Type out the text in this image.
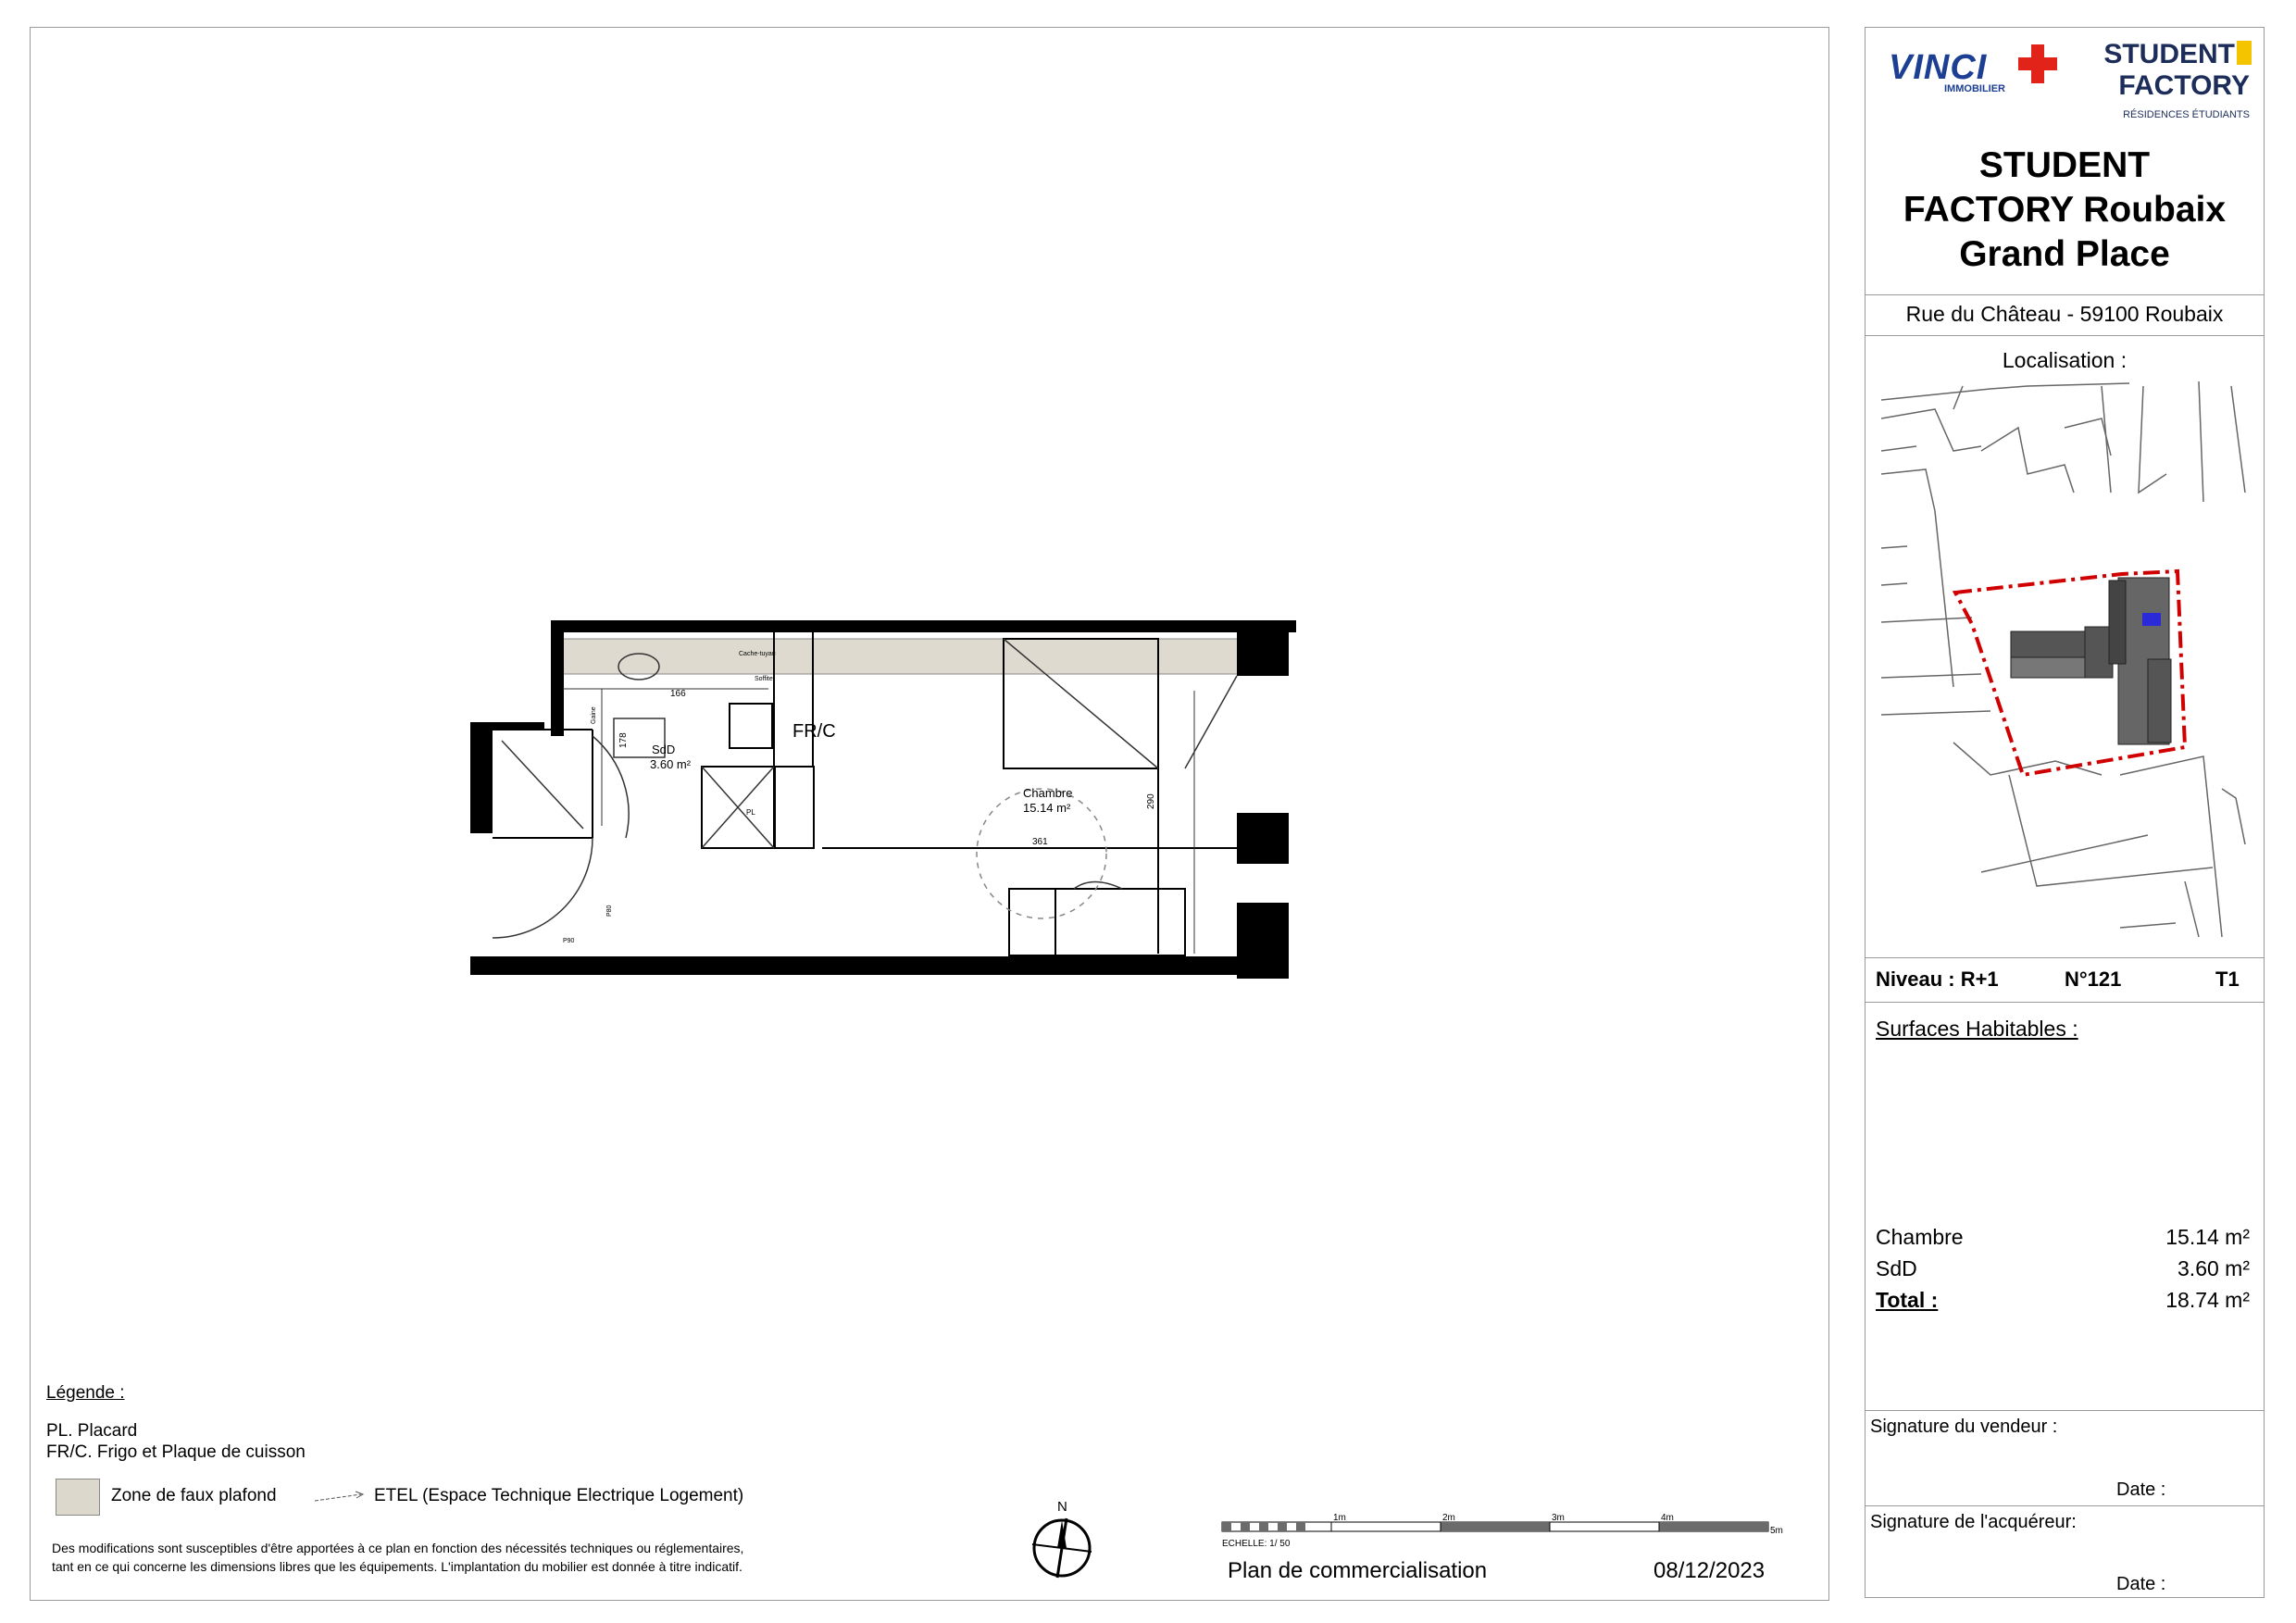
Chambre
15.14 m²
SdD
3.60 m²
FR/C
166
178
290
361
PL
P90
P80
Cache-tuyau
Soffite
Gaine
Légende :
PL. Placard
FR/C. Frigo et Plaque de cuisson
Zone de faux plafond	ETEL (Espace Technique Electrique Logement)
Des modifications sont susceptibles d'être apportées à ce plan en fonction des nécessités techniques ou réglementaires,
tant en ce qui concerne les dimensions libres que les équipements. L'implantation du mobilier est donnée à titre indicatif.
N
1m	2m	3m	4m
5m
ECHELLE: 1/ 50
Plan de commercialisation	08/12/2023
VINCI
IMMOBILIER
STUDENT
FACTORY
RÉSIDENCES ÉTUDIANTS
STUDENT
FACTORY Roubaix
Grand Place
Rue du Château - 59100 Roubaix
Localisation :
Niveau : R+1	N°121	T1
Surfaces Habitables :
Chambre	15.14 m²
SdD	3.60 m²
Total :	18.74 m²
Signature du vendeur :
Date :
Signature de l'acquéreur:
Date :
